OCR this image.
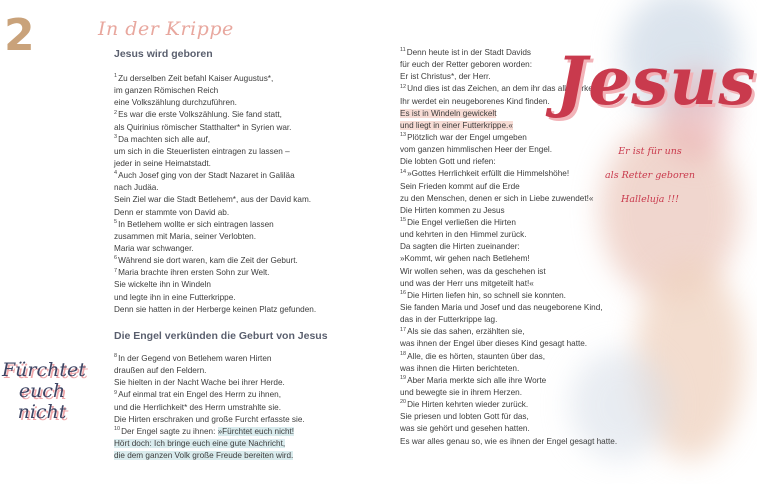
2	In der Krippe
Jesus wird geboren
$^1$Zu derselben Zeit befahl Kaiser Augustus*,
im ganzen Römischen Reich
eine Volkszählung durchzuführen.
$^2$Es war die erste Volkszählung. Sie fand statt,
als Quirinius römischer Statthalter* in Syrien war.
$^3$Da machten sich alle auf,
um sich in die Steuerlisten eintragen zu lassen –
jeder in seine Heimatstadt.
$^4$Auch Josef ging von der Stadt Nazaret in Galiläa
nach Judäa.
Sein Ziel war die Stadt Betlehem*, aus der David kam.
Denn er stammte von David ab.
$^5$In Betlehem wollte er sich eintragen lassen
zusammen mit Maria, seiner Verlobten.
Maria war schwanger.
$^6$Während sie dort waren, kam die Zeit der Geburt.
$^7$Maria brachte ihren ersten Sohn zur Welt.
Sie wickelte ihn in Windeln
und legte ihn in eine Futterkrippe.
Denn sie hatten in der Herberge keinen Platz gefunden.
Die Engel verkünden die Geburt von Jesus
$^8$In der Gegend von Betlehem waren Hirten
draußen auf den Feldern.
Sie hielten in der Nacht Wache bei ihrer Herde.
$^9$Auf einmal trat ein Engel des Herrn zu ihnen,
und die Herrlichkeit* des Herrn umstrahlte sie.
Die Hirten erschraken und große Furcht erfasste sie.
$^{10}$Der Engel sagte zu ihnen: »Fürchtet euch nicht!
Hört doch: Ich bringe euch eine gute Nachricht,
die dem ganzen Volk große Freude bereiten wird.
Fürchtet
euch
nicht
$^{11}$Denn heute ist in der Stadt Davids
für euch der Retter geboren worden:
Er ist Christus*, der Herr.
$^{12}$Und dies ist das Zeichen, an dem ihr das alles erke
Ihr werdet ein neugeborenes Kind finden.
Es ist in Windeln gewickelt
und liegt in einer Futterkrippe.«
$^{13}$Plötzlich war der Engel umgeben
vom ganzen himmlischen Heer der Engel.
Die lobten Gott und riefen:
$^{14}$»Gottes Herrlichkeit erfüllt die Himmelshöhe!
Sein Frieden kommt auf die Erde
zu den Menschen, denen er sich in Liebe zuwendet!«
Die Hirten kommen zu Jesus
$^{15}$Die Engel verließen die Hirten
und kehrten in den Himmel zurück.
Da sagten die Hirten zueinander:
»Kommt, wir gehen nach Betlehem!
Wir wollen sehen, was da geschehen ist
und was der Herr uns mitgeteilt hat!«
$^{16}$Die Hirten liefen hin, so schnell sie konnten.
Sie fanden Maria und Josef und das neugeborene Kind,
das in der Futterkrippe lag.
$^{17}$Als sie das sahen, erzählten sie,
was ihnen der Engel über dieses Kind gesagt hatte.
$^{18}$Alle, die es hörten, staunten über das,
was ihnen die Hirten berichteten.
$^{19}$Aber Maria merkte sich alle ihre Worte
und bewegte sie in ihrem Herzen.
$^{20}$Die Hirten kehrten wieder zurück.
Sie priesen und lobten Gott für das,
was sie gehört und gesehen hatten.
Es war alles genau so, wie es ihnen der Engel gesagt hatte.
Jesus
Er ist für uns
als Retter geboren
Halleluja !!!
